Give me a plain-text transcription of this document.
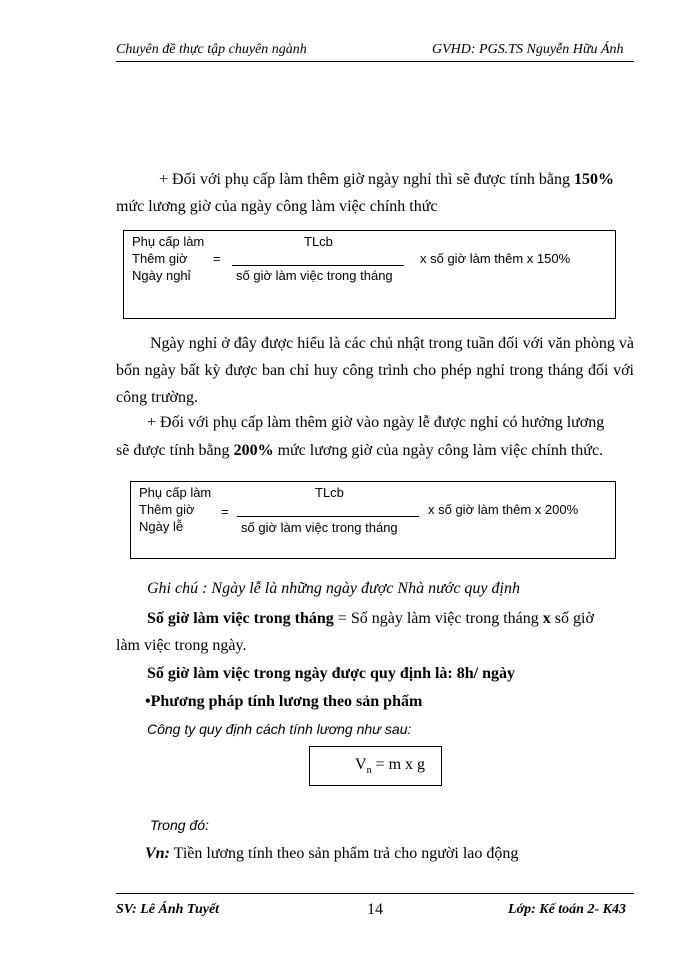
Chuyên đề thực tập chuyên ngành	GVHD: PGS.TS Nguyễn Hữu Ánh
+ Đối với phụ cấp làm thêm giờ ngày nghỉ thì sẽ được tính bằng 150%
mức lương giờ của ngày công làm việc chính thức
Phụ cấp làm
Thêm giờ
Ngày nghỉ
=
TLcb
số giờ làm việc trong tháng
x số giờ làm thêm x 150%
Ngày nghỉ ở đây được hiểu là các chủ nhật trong tuần đối với văn phòng và bốn ngày bất kỳ được ban chỉ huy công trình cho phép nghỉ trong tháng đối với công trường.
+ Đối với phụ cấp làm thêm giờ vào ngày lễ được nghỉ có hưởng lương
sẽ được tính bằng 200% mức lương giờ của ngày công làm việc chính thức.
Phụ cấp làm
Thêm giờ
Ngày lễ
=
TLcb
số giờ làm việc trong tháng
x số giờ làm thêm x 200%
Ghi chú : Ngày lễ là những ngày được Nhà nước quy định
Số giờ làm việc trong tháng = Số ngày làm việc trong tháng x số giờ
làm việc trong ngày.
Số giờ làm việc trong ngày được quy định là: 8h/ ngày
•Phương pháp tính lương theo sản phẩm
Công ty quy định cách tính lương như sau:
$V_n = m$ x g
Trong đó:
Vn: Tiền lương tính theo sản phẩm trả cho người lao động
SV: Lê Ánh Tuyết	14	Lớp: Kế toán 2- K43
